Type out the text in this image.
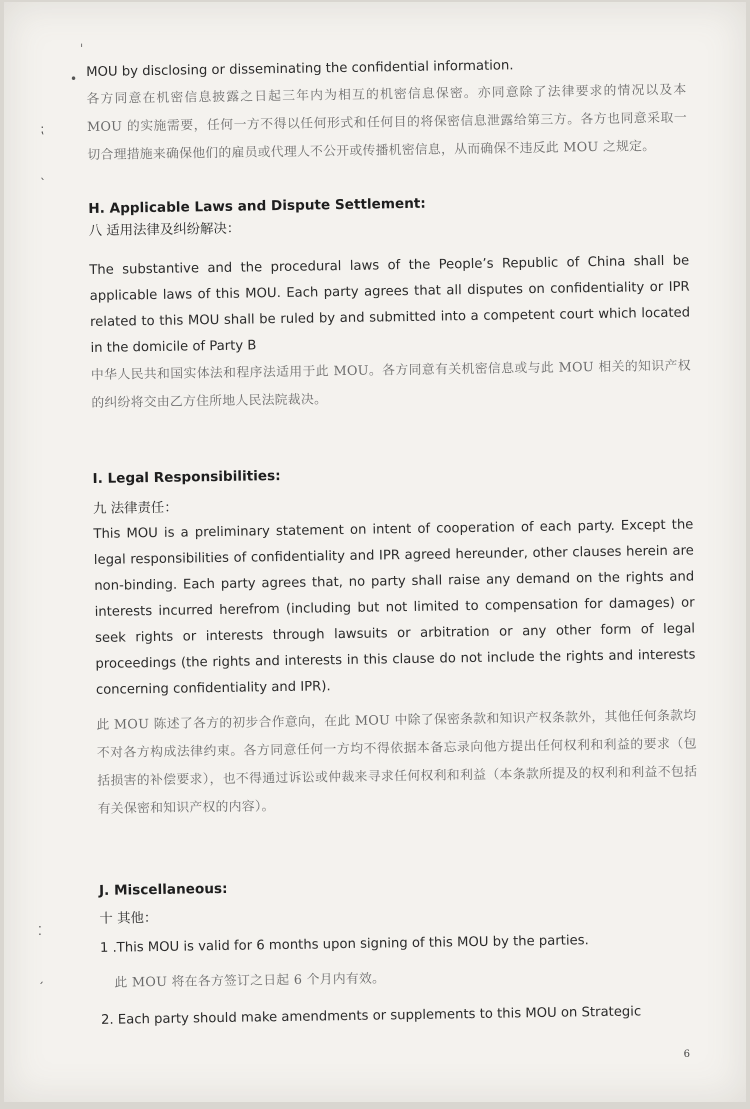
ˌ
⁏
ˎ
⁚
ˏ
• MOU by disclosing or disseminating the confidential information.
各方同意在机密信息披露之日起三年内为相互的机密信息保密。亦同意除了法律要求的情况以及本 MOU 的实施需要，任何一方不得以任何形式和任何目的将保密信息泄露给第三方。各方也同意采取一切合理措施来确保他们的雇员或代理人不公开或传播机密信息，从而确保不违反此 MOU 之规定。
H. Applicable Laws and Dispute Settlement:
八 适用法律及纠纷解决：
The substantive and the procedural laws of the People’s Republic of China shall be applicable laws of this MOU. Each party agrees that all disputes on confidentiality or IPR related to this MOU shall be ruled by and submitted into a competent court which located in the domicile of Party B
中华人民共和国实体法和程序法适用于此 MOU。各方同意有关机密信息或与此 MOU 相关的知识产权的纠纷将交由乙方住所地人民法院裁决。
I. Legal Responsibilities:
九 法律责任：
This MOU is a preliminary statement on intent of cooperation of each party. Except the legal responsibilities of confidentiality and IPR agreed hereunder, other clauses herein are non-binding. Each party agrees that, no party shall raise any demand on the rights and interests incurred herefrom (including but not limited to compensation for damages) or seek rights or interests through lawsuits or arbitration or any other form of legal proceedings (the rights and interests in this clause do not include the rights and interests concerning confidentiality and IPR).
此 MOU 陈述了各方的初步合作意向，在此 MOU 中除了保密条款和知识产权条款外，其他任何条款均不对各方构成法律约束。各方同意任何一方均不得依据本备忘录向他方提出任何权利和利益的要求（包括损害的补偿要求），也不得通过诉讼或仲裁来寻求任何权利和利益（本条款所提及的权利和利益不包括有关保密和知识产权的内容）。
J. Miscellaneous:
十 其他：
1 .This MOU is valid for 6 months upon signing of this MOU by the parties.
此 MOU 将在各方签订之日起 6 个月内有效。
2. Each party should make amendments or supplements to this MOU on Strategic
6
